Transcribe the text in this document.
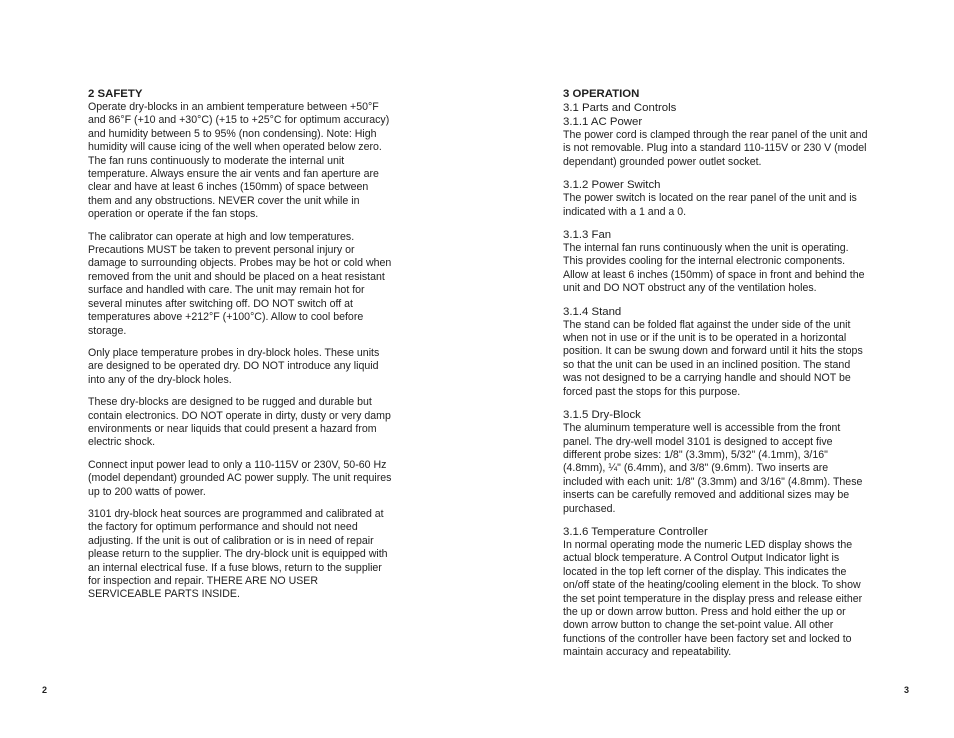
2 SAFETY

Operate dry-blocks in an ambient temperature between +50°F and 86°F (+10 and +30°C) (+15 to +25°C for optimum accuracy) and humidity between 5 to 95% (non condensing). Note: High humidity will cause icing of the well when operated below zero. The fan runs continuously to moderate the internal unit temperature. Always ensure the air vents and fan aperture are clear and have at least 6 inches (150mm) of space between them and any obstructions. NEVER cover the unit while in operation or operate if the fan stops.

The calibrator can operate at high and low temperatures. Precautions MUST be taken to prevent personal injury or damage to surrounding objects. Probes may be hot or cold when removed from the unit and should be placed on a heat resistant surface and handled with care. The unit may remain hot for several minutes after switching off. DO NOT switch off at temperatures above +212°F (+100°C). Allow to cool before storage.

Only place temperature probes in dry-block holes. These units are designed to be operated dry. DO NOT introduce any liquid into any of the dry-block holes.

These dry-blocks are designed to be rugged and durable but contain electronics. DO NOT operate in dirty, dusty or very damp environments or near liquids that could present a hazard from electric shock.

Connect input power lead to only a 110-115V or 230V, 50-60 Hz (model dependant) grounded AC power supply. The unit requires up to 200 watts of power.

3101 dry-block heat sources are programmed and calibrated at the factory for optimum performance and should not need adjusting. If the unit is out of calibration or is in need of repair please return to the supplier. The dry-block unit is equipped with an internal electrical fuse. If a fuse blows, return to the supplier for inspection and repair. THERE ARE NO USER SERVICEABLE PARTS INSIDE.

3 OPERATION
3.1 Parts and Controls
3.1.1 AC Power

The power cord is clamped through the rear panel of the unit and is not removable. Plug into a standard 110-115V or 230 V (model dependant) grounded power outlet socket.

3.1.2 Power Switch

The power switch is located on the rear panel of the unit and is indicated with a 1 and a 0.

3.1.3 Fan

The internal fan runs continuously when the unit is operating. This provides cooling for the internal electronic components. Allow at least 6 inches (150mm) of space in front and behind the unit and DO NOT obstruct any of the ventilation holes.

3.1.4 Stand

The stand can be folded flat against the under side of the unit when not in use or if the unit is to be operated in a horizontal position. It can be swung down and forward until it hits the stops so that the unit can be used in an inclined position. The stand was not designed to be a carrying handle and should NOT be forced past the stops for this purpose.

3.1.5 Dry-Block

The aluminum temperature well is accessible from the front panel. The dry-well model 3101 is designed to accept five different probe sizes: 1/8" (3.3mm), 5/32" (4.1mm), 3/16"(4.8mm), ¼" (6.4mm), and 3/8" (9.6mm). Two inserts are included with each unit: 1/8" (3.3mm) and 3/16" (4.8mm). These inserts can be carefully removed and additional sizes may be purchased.

3.1.6 Temperature Controller

In normal operating mode the numeric LED display shows the actual block temperature. A Control Output Indicator light is located in the top left corner of the display. This indicates the on/off state of the heating/cooling element in the block. To show the set point temperature in the display press and release either the up or down arrow button. Press and hold either the up or down arrow button to change the set-point value. All other functions of the controller have been factory set and locked to maintain accuracy and repeatability.

2	3
